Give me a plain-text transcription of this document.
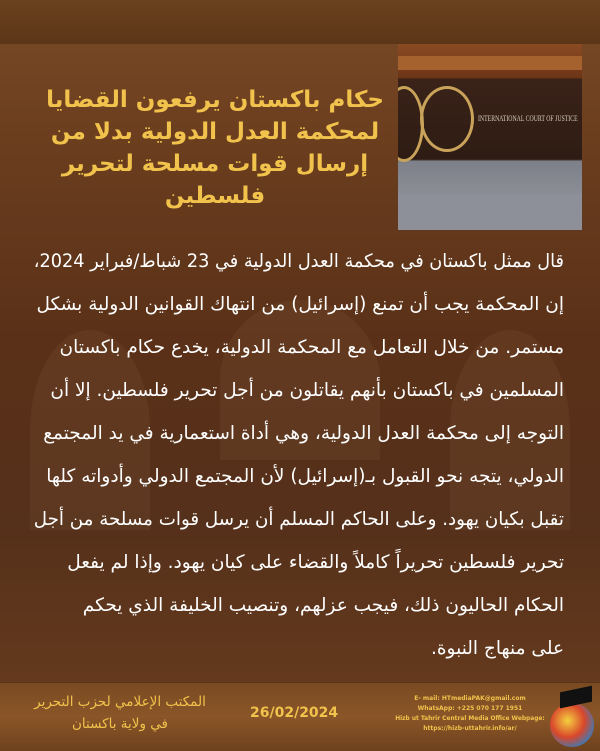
INTERNATIONAL COURT OF JUSTICE
حكام باكستان يرفعون القضايا
لمحكمة العدل الدولية بدلا من
إرسال قوات مسلحة لتحرير
فلسطين
قال ممثل باكستان في محكمة العدل الدولية في 23 شباط/فبراير 2024،
إن المحكمة يجب أن تمنع (إسرائيل) من انتهاك القوانين الدولية بشكل
مستمر. من خلال التعامل مع المحكمة الدولية، يخدع حكام باكستان
المسلمين في باكستان بأنهم يقاتلون من أجل تحرير فلسطين. إلا أن
التوجه إلى محكمة العدل الدولية، وهي أداة استعمارية في يد المجتمع
الدولي، يتجه نحو القبول بـ(إسرائيل) لأن المجتمع الدولي وأدواته كلها
تقبل بكيان يهود. وعلى الحاكم المسلم أن يرسل قوات مسلحة من أجل
تحرير فلسطين تحريراً كاملاً والقضاء على كيان يهود. وإذا لم يفعل
الحكام الحاليون ذلك، فيجب عزلهم، وتنصيب الخليفة الذي يحكم
على منهاج النبوة.
المكتب الإعلامي لحزب التحرير
في ولاية باكستان
26/02/2024
E- mail: HTmediaPAK@gmail.com
WhatsApp: +225 070 177 1951
Hizb ut Tahrir Central Media Office Webpage:
https://hizb-uttahrir.info/ar/
